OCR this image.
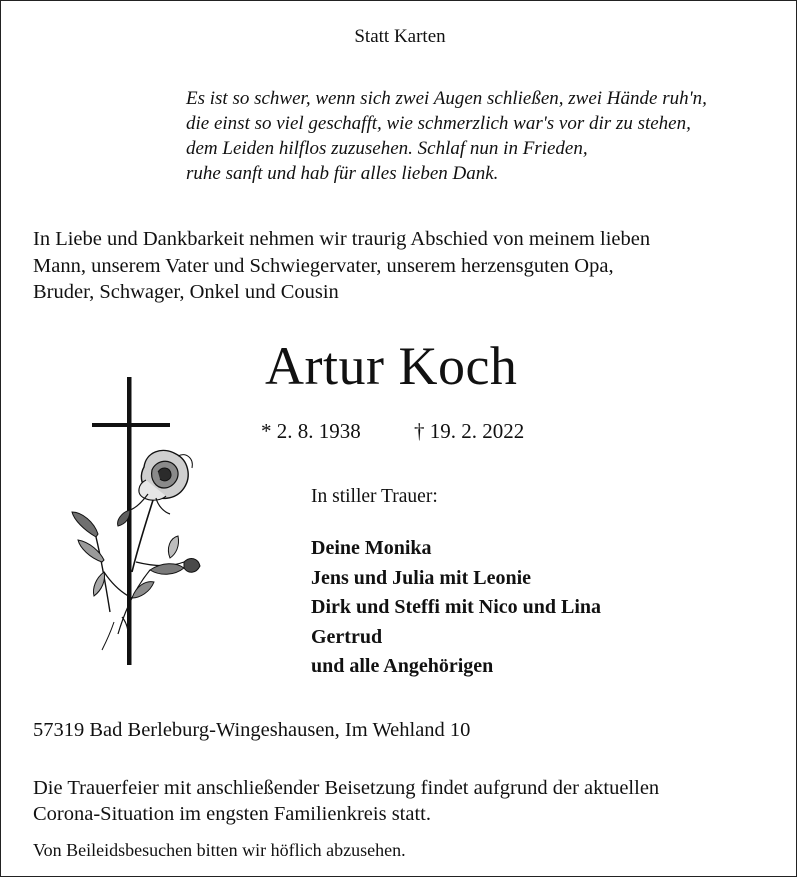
Statt Karten
Es ist so schwer, wenn sich zwei Augen schließen, zwei Hände ruh'n,
die einst so viel geschafft, wie schmerzlich war's vor dir zu stehen,
dem Leiden hilflos zuzusehen. Schlaf nun in Frieden,
ruhe sanft und hab für alles lieben Dank.
In Liebe und Dankbarkeit nehmen wir traurig Abschied von meinem lieben
Mann, unserem Vater und Schwiegervater, unserem herzensguten Opa,
Bruder, Schwager, Onkel und Cousin
Artur Koch
* 2. 8. 1938	† 19. 2. 2022
In stiller Trauer:
Deine Monika
Jens und Julia mit Leonie
Dirk und Steffi mit Nico und Lina
Gertrud
und alle Angehörigen
57319 Bad Berleburg-Wingeshausen, Im Wehland 10
Die Trauerfeier mit anschließender Beisetzung findet aufgrund der aktuellen
Corona-Situation im engsten Familienkreis statt.
Von Beileidsbesuchen bitten wir höflich abzusehen.
